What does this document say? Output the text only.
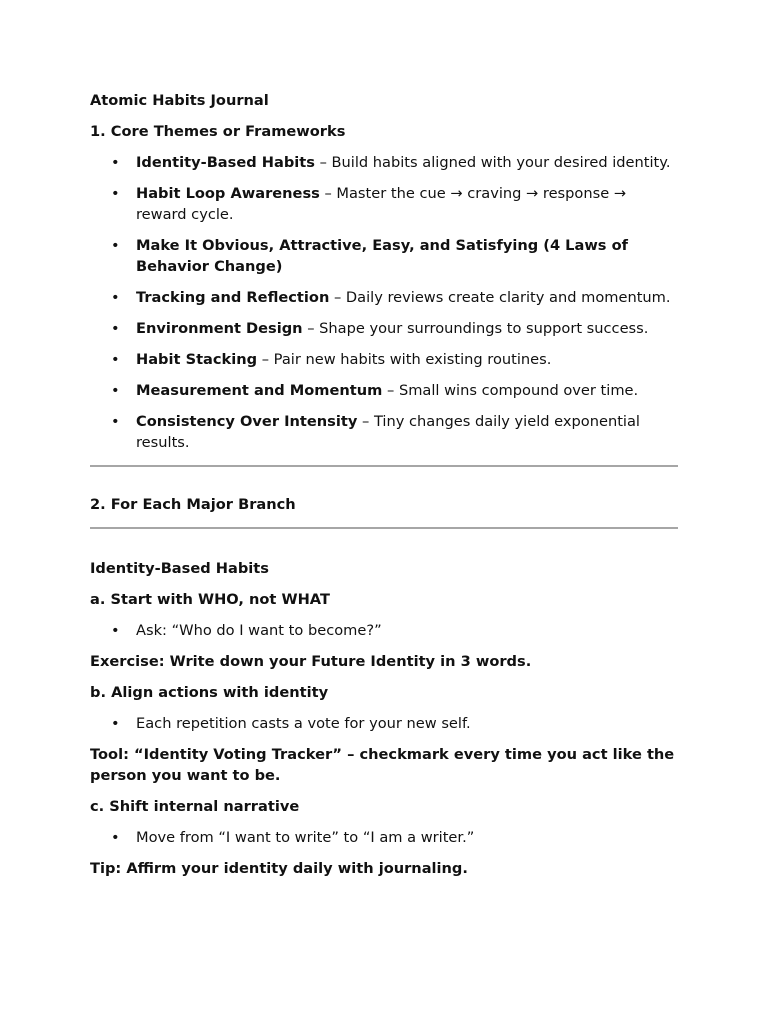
Atomic Habits Journal

1. Core Themes or Frameworks

• Identity-Based Habits – Build habits aligned with your desired identity.
• Habit Loop Awareness – Master the cue → craving → response → reward cycle.
• Make It Obvious, Attractive, Easy, and Satisfying (4 Laws of Behavior Change)
• Tracking and Reflection – Daily reviews create clarity and momentum.
• Environment Design – Shape your surroundings to support success.
• Habit Stacking – Pair new habits with existing routines.
• Measurement and Momentum – Small wins compound over time.
• Consistency Over Intensity – Tiny changes daily yield exponential results.

2. For Each Major Branch

Identity-Based Habits

a. Start with WHO, not WHAT

• Ask: “Who do I want to become?”

Exercise: Write down your Future Identity in 3 words.

b. Align actions with identity

• Each repetition casts a vote for your new self.

Tool: “Identity Voting Tracker” – checkmark every time you act like the person you want to be.

c. Shift internal narrative

• Move from “I want to write” to “I am a writer.”

Tip: Affirm your identity daily with journaling.
